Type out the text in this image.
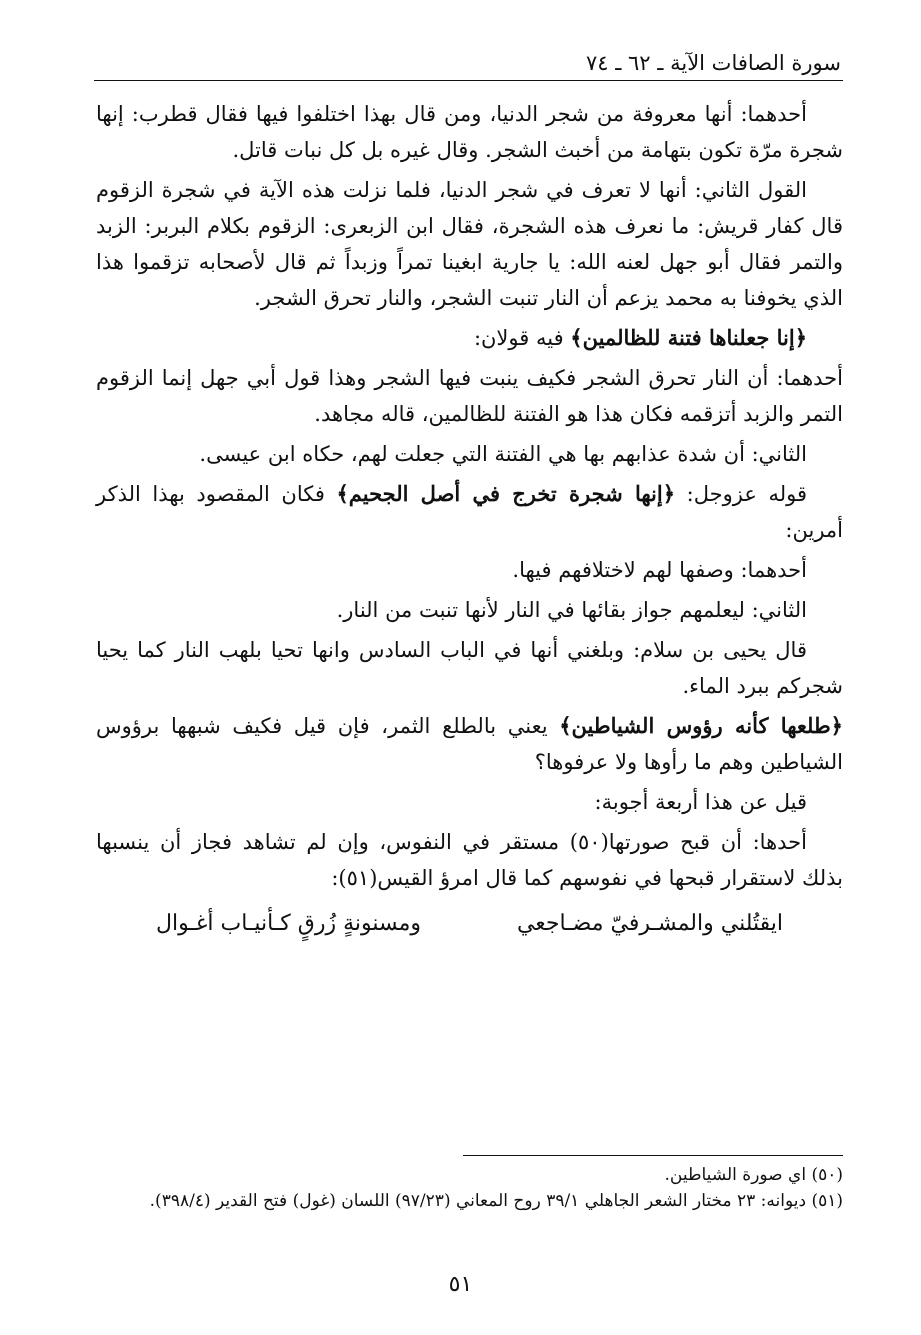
سورة الصافات الآية ـ ٦٢ ـ ٧٤

أحدهما: أنها معروفة من شجر الدنيا، ومن قال بهذا اختلفوا فيها فقال قطرب: إنها شجرة مرّة تكون بتهامة من أخبث الشجر. وقال غيره بل كل نبات قاتل.

القول الثاني: أنها لا تعرف في شجر الدنيا، فلما نزلت هذه الآية في شجرة الزقوم قال كفار قريش: ما نعرف هذه الشجرة، فقال ابن الزبعرى: الزقوم بكلام البربر: الزبد والتمر فقال أبو جهل لعنه الله: يا جارية ابغينا تمراً وزبداً ثم قال لأصحابه تزقموا هذا الذي يخوفنا به محمد يزعم أن النار تنبت الشجر، والنار تحرق الشجر.

﴿إنا جعلناها فتنة للظالمين﴾ فيه قولان:

أحدهما: أن النار تحرق الشجر فكيف ينبت فيها الشجر وهذا قول أبي جهل إنما الزقوم التمر والزبد أتزقمه فكان هذا هو الفتنة للظالمين، قاله مجاهد.

الثاني: أن شدة عذابهم بها هي الفتنة التي جعلت لهم، حكاه ابن عيسى.

قوله عزوجل: ﴿إنها شجرة تخرج في أصل الجحيم﴾ فكان المقصود بهذا الذكر أمرين:

أحدهما: وصفها لهم لاختلافهم فيها.

الثاني: ليعلمهم جواز بقائها في النار لأنها تنبت من النار.

قال يحيى بن سلام: وبلغني أنها في الباب السادس وانها تحيا بلهب النار كما يحيا شجركم ببرد الماء.

﴿طلعها كأنه رؤوس الشياطين﴾ يعني بالطلع الثمر، فإن قيل فكيف شبهها برؤوس الشياطين وهم ما رأوها ولا عرفوها؟

قيل عن هذا أربعة أجوبة:

أحدها: أن قبح صورتها(٥٠) مستقر في النفوس، وإن لم تشاهد فجاز أن ينسبها بذلك لاستقرار قبحها في نفوسهم كما قال امرؤ القيس(٥١):

ايقتُلني والمشـرفيّ مضـاجعي
ومسنونةٍ زُرقٍ كـأنيـاب أغـوال

(٥٠) اي صورة الشياطين.

(٥١) ديوانه: ٢٣ مختار الشعر الجاهلي ٣٩/١ روح المعاني (٩٧/٢٣) اللسان (غول) فتح القدير (٣٩٨/٤).

٥١
